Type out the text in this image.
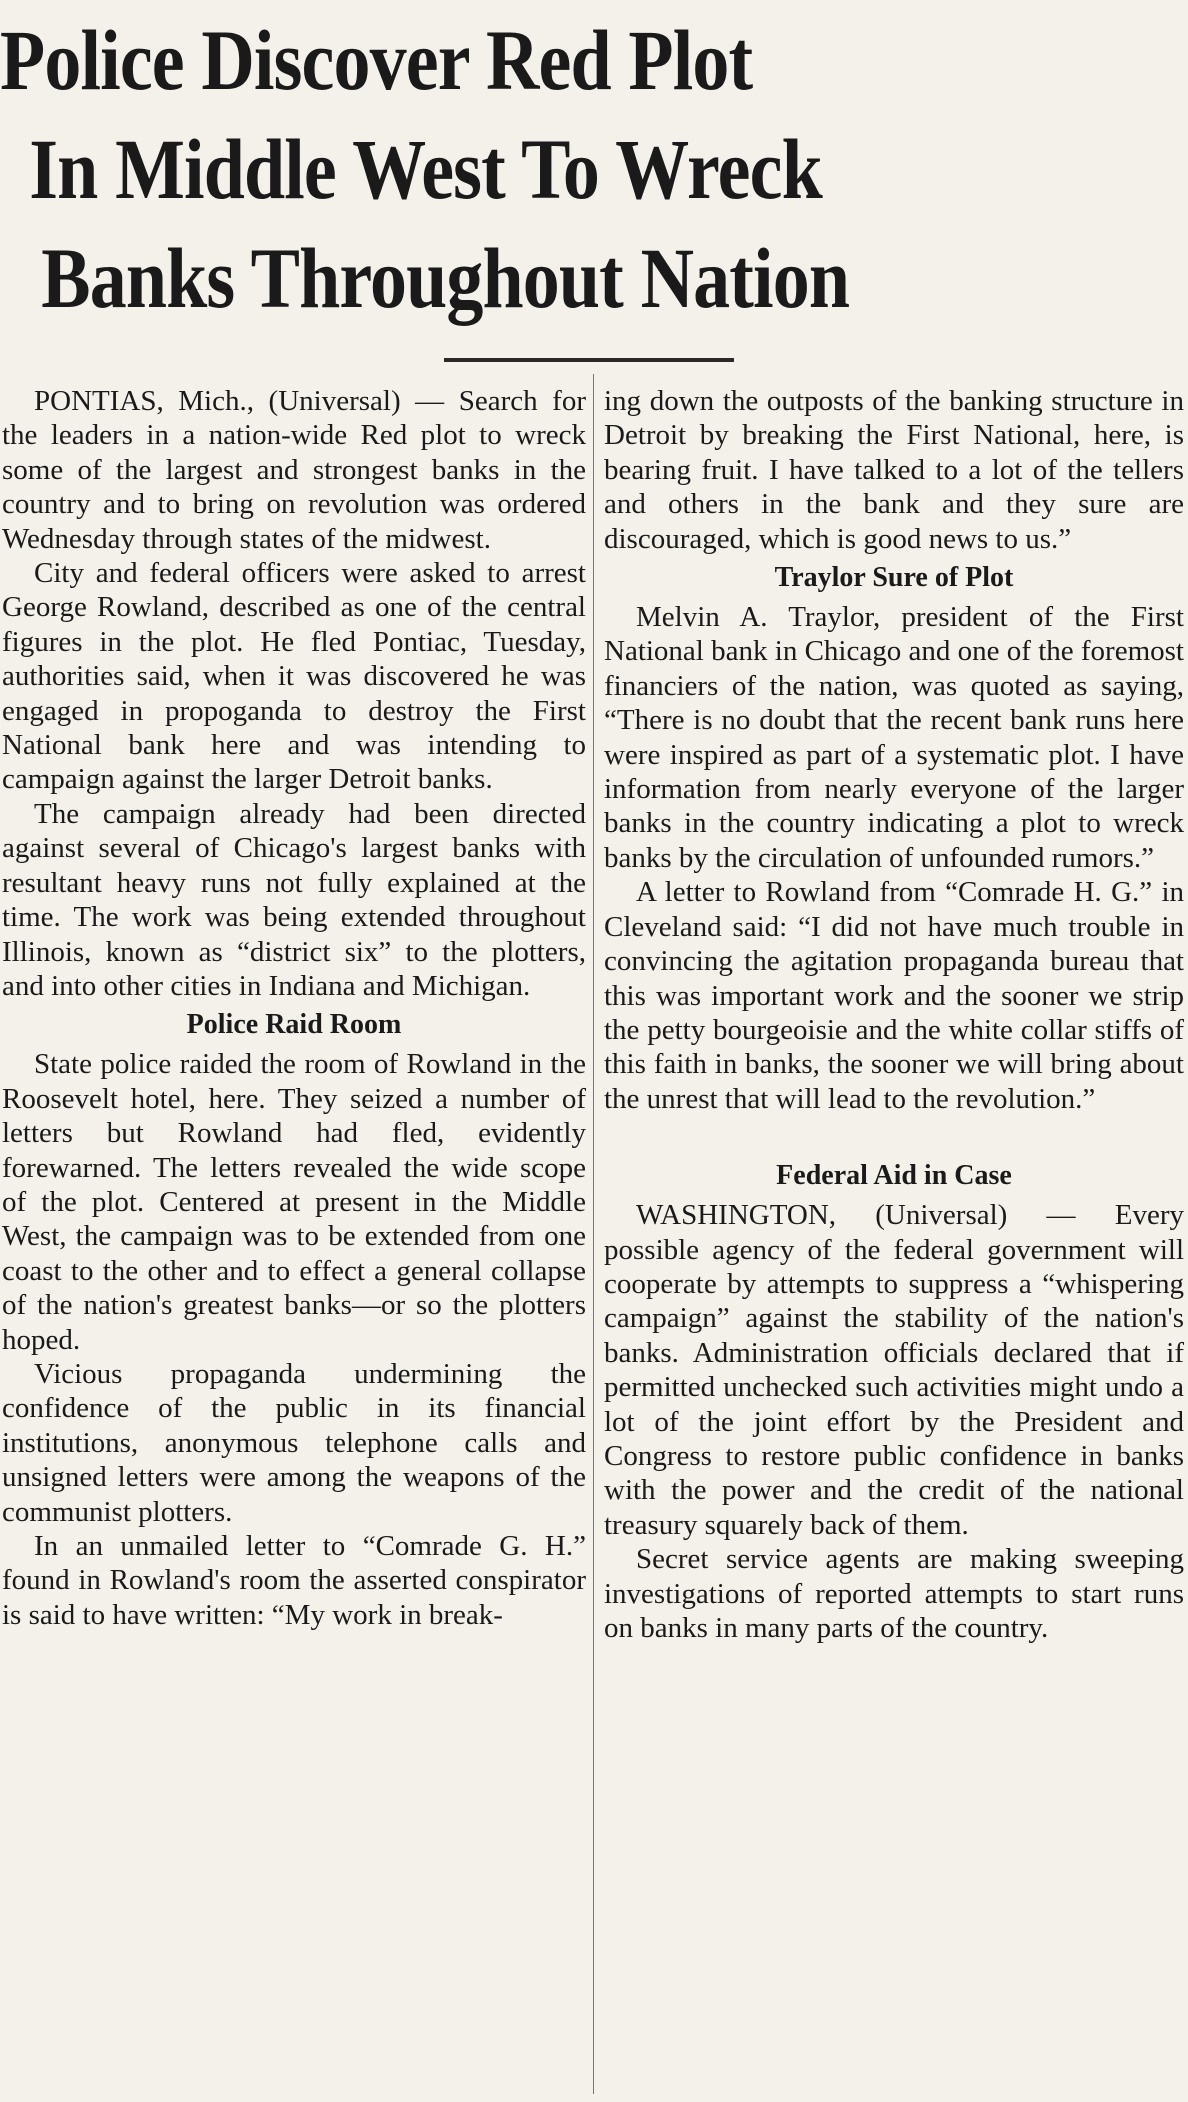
Police Discover Red Plot
In Middle West To Wreck
Banks Throughout Nation

PONTIAS, Mich., (Universal) — Search for the leaders in a nation-wide Red plot to wreck some of the largest and strongest banks in the country and to bring on revolution was ordered Wednesday through states of the midwest.

City and federal officers were asked to arrest George Rowland, described as one of the central figures in the plot. He fled Pontiac, Tuesday, authorities said, when it was discovered he was engaged in propoganda to destroy the First National bank here and was intending to campaign against the larger Detroit banks.

The campaign already had been directed against several of Chicago's largest banks with resultant heavy runs not fully explained at the time. The work was being extended throughout Illinois, known as “district six” to the plotters, and into other cities in Indiana and Michigan.

Police Raid Room

State police raided the room of Rowland in the Roosevelt hotel, here. They seized a number of letters but Rowland had fled, evidently forewarned. The letters revealed the wide scope of the plot. Centered at present in the Middle West, the campaign was to be extended from one coast to the other and to effect a general collapse of the nation's greatest banks—or so the plotters hoped.

Vicious propaganda undermining the confidence of the public in its financial institutions, anonymous telephone calls and unsigned letters were among the weapons of the communist plotters.

In an unmailed letter to “Comrade G. H.” found in Rowland's room the asserted conspirator is said to have written: “My work in break-

ing down the outposts of the banking structure in Detroit by breaking the First National, here, is bearing fruit. I have talked to a lot of the tellers and others in the bank and they sure are discouraged, which is good news to us.”

Traylor Sure of Plot

Melvin A. Traylor, president of the First National bank in Chicago and one of the foremost financiers of the nation, was quoted as saying, “There is no doubt that the recent bank runs here were inspired as part of a systematic plot. I have information from nearly everyone of the larger banks in the country indicating a plot to wreck banks by the circulation of unfounded rumors.”

A letter to Rowland from “Comrade H. G.” in Cleveland said: “I did not have much trouble in convincing the agitation propaganda bureau that this was important work and the sooner we strip the petty bourgeoisie and the white collar stiffs of this faith in banks, the sooner we will bring about the unrest that will lead to the revolution.”

Federal Aid in Case

WASHINGTON, (Universal) — Every possible agency of the federal government will cooperate by attempts to suppress a “whispering campaign” against the stability of the nation's banks. Administration officials declared that if permitted unchecked such activities might undo a lot of the joint effort by the President and Congress to restore public confidence in banks with the power and the credit of the national treasury squarely back of them.

Secret service agents are making sweeping investigations of reported attempts to start runs on banks in many parts of the country.
